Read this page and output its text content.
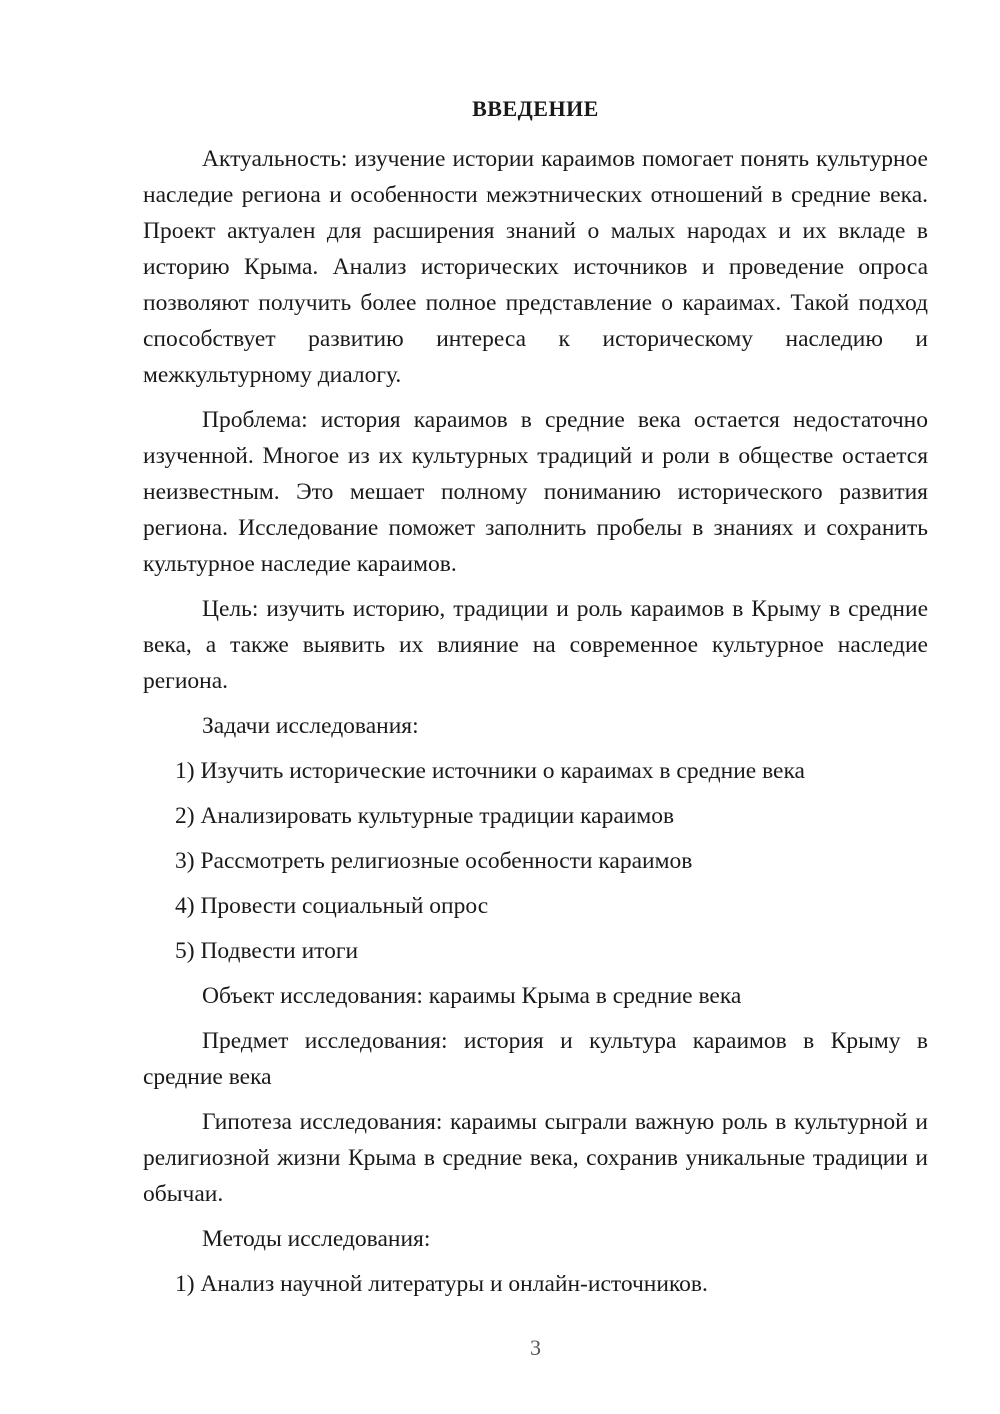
ВВЕДЕНИЕ

Актуальность: изучение истории караимов помогает понять культурное наследие региона и особенности межэтнических отношений в средние века. Проект актуален для расширения знаний о малых народах и их вкладе в историю Крыма. Анализ исторических источников и проведение опроса позволяют получить более полное представление о караимах. Такой подход способствует развитию интереса к историческому наследию и межкультурному диалогу.

Проблема: история караимов в средние века остается недостаточно изученной. Многое из их культурных традиций и роли в обществе остается неизвестным. Это мешает полному пониманию исторического развития региона. Исследование поможет заполнить пробелы в знаниях и сохранить культурное наследие караимов.

Цель: изучить историю, традиции и роль караимов в Крыму в средние века, а также выявить их влияние на современное культурное наследие региона.

Задачи исследования:

1) Изучить исторические источники о караимах в средние века

2) Анализировать культурные традиции караимов

3) Рассмотреть религиозные особенности караимов

4) Провести социальный опрос

5) Подвести итоги

Объект исследования: караимы Крыма в средние века

Предмет исследования: история и культура караимов в Крыму в средние века

Гипотеза исследования: караимы сыграли важную роль в культурной и религиозной жизни Крыма в средние века, сохранив уникальные традиции и обычаи.

Методы исследования:

1) Анализ научной литературы и онлайн-источников.

3
